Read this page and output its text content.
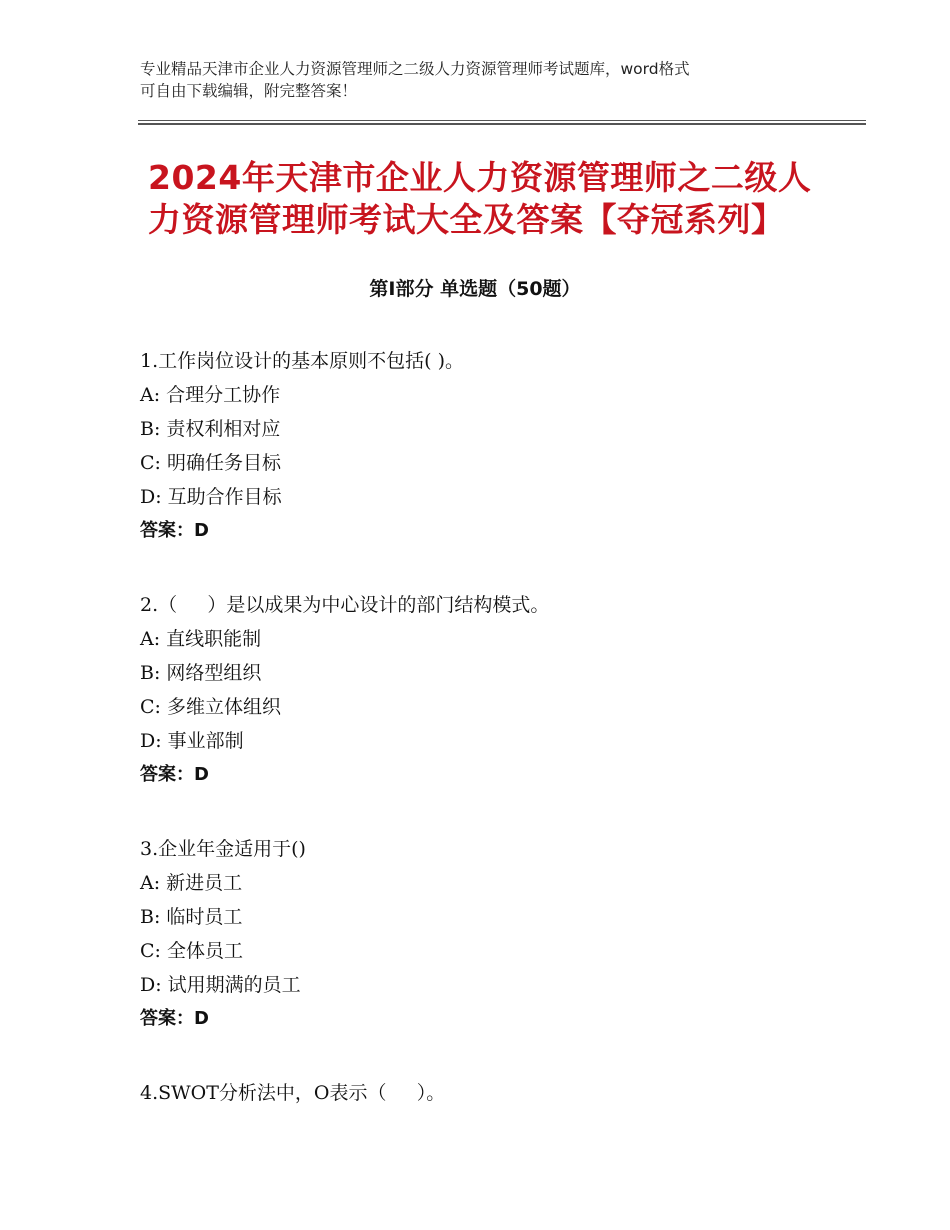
专业精品天津市企业人力资源管理师之二级人力资源管理师考试题库，word格式
可自由下载编辑，附完整答案！
2024年天津市企业人力资源管理师之二级人
力资源管理师考试大全及答案【夺冠系列】
第Ⅰ部分 单选题（50题）
1.工作岗位设计的基本原则不包括( )。
A: 合理分工协作
B: 责权利相对应
C: 明确任务目标
D: 互助合作目标
答案：D
2.（     ）是以成果为中心设计的部门结构模式。
A: 直线职能制
B: 网络型组织
C: 多维立体组织
D: 事业部制
答案：D
3.企业年金适用于()
A: 新进员工
B: 临时员工
C: 全体员工
D: 试用期满的员工
答案：D
4.SWOT分析法中，O表示（     ）。
